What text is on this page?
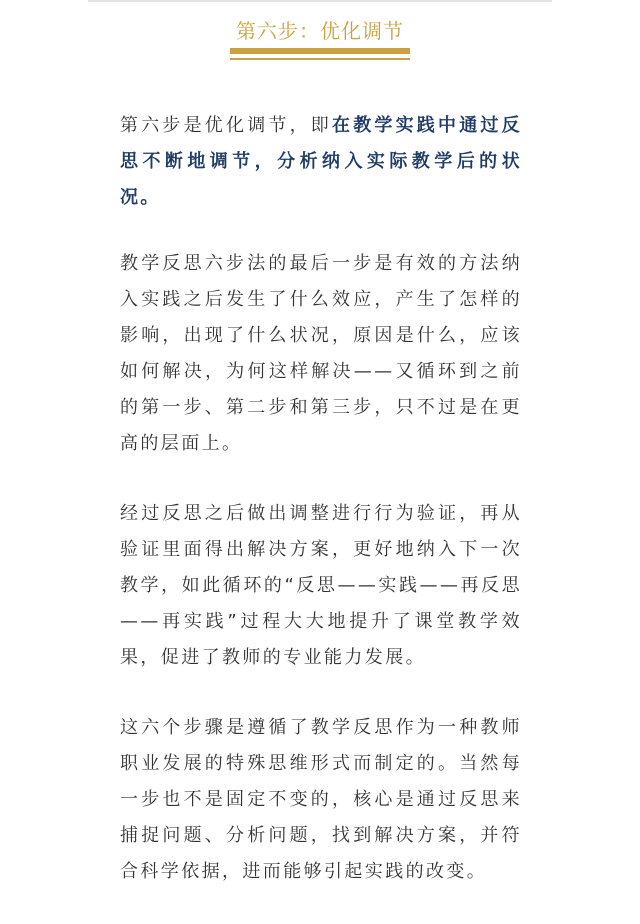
第六步：优化调节

第六步是优化调节，即在教学实践中通过反思不断地调节，分析纳入实际教学后的状况。

教学反思六步法的最后一步是有效的方法纳入实践之后发生了什么效应，产生了怎样的影响，出现了什么状况，原因是什么，应该如何解决，为何这样解决——又循环到之前的第一步、第二步和第三步，只不过是在更高的层面上。

经过反思之后做出调整进行行为验证，再从验证里面得出解决方案，更好地纳入下一次教学，如此循环的“反思——实践——再反思——再实践”过程大大地提升了课堂教学效果，促进了教师的专业能力发展。

这六个步骤是遵循了教学反思作为一种教师职业发展的特殊思维形式而制定的。当然每一步也不是固定不变的，核心是通过反思来捕捉问题、分析问题，找到解决方案，并符合科学依据，进而能够引起实践的改变。
